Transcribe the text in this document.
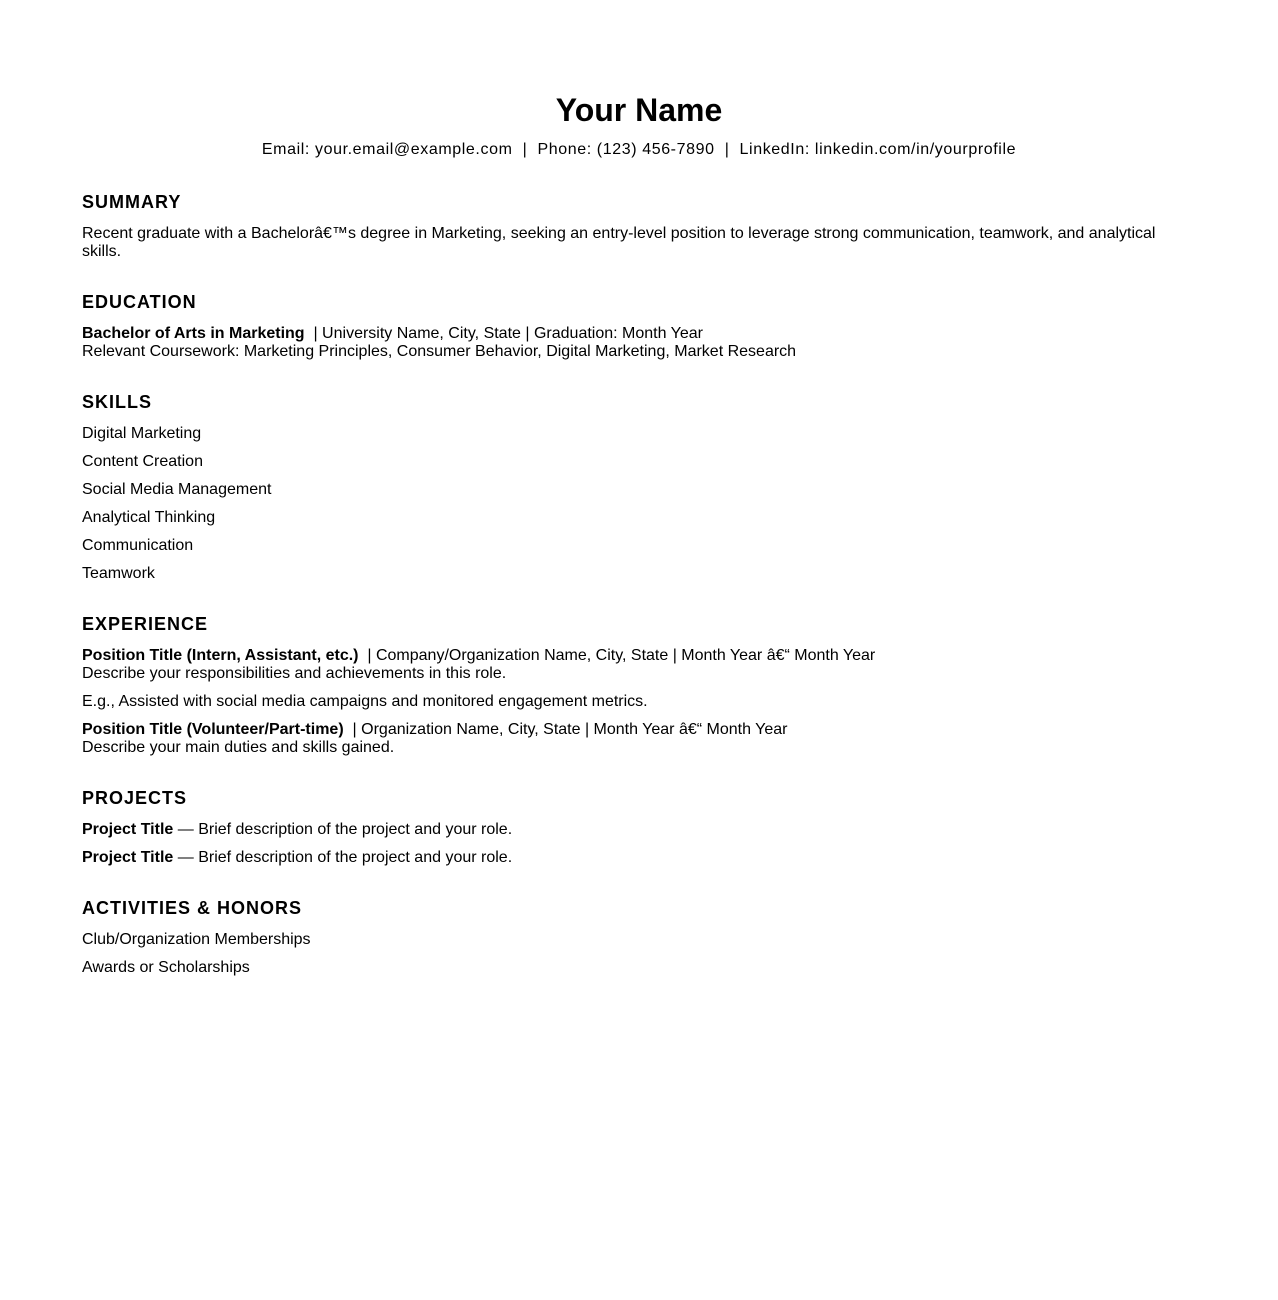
Your Name
Email: your.email@example.com  |  Phone: (123) 456-7890  |  LinkedIn: linkedin.com/in/yourprofile
SUMMARY
Recent graduate with a Bachelorâ€™s degree in Marketing, seeking an entry-level position to leverage strong communication, teamwork, and analytical skills.
EDUCATION
Bachelor of Arts in Marketing  | University Name, City, State | Graduation: Month Year
Relevant Coursework: Marketing Principles, Consumer Behavior, Digital Marketing, Market Research
SKILLS
Digital Marketing
Content Creation
Social Media Management
Analytical Thinking
Communication
Teamwork
EXPERIENCE
Position Title (Intern, Assistant, etc.)  | Company/Organization Name, City, State | Month Year â€“ Month Year
Describe your responsibilities and achievements in this role.
E.g., Assisted with social media campaigns and monitored engagement metrics.
Position Title (Volunteer/Part-time)  | Organization Name, City, State | Month Year â€“ Month Year
Describe your main duties and skills gained.
PROJECTS
Project Title — Brief description of the project and your role.
Project Title — Brief description of the project and your role.
ACTIVITIES & HONORS
Club/Organization Memberships
Awards or Scholarships
